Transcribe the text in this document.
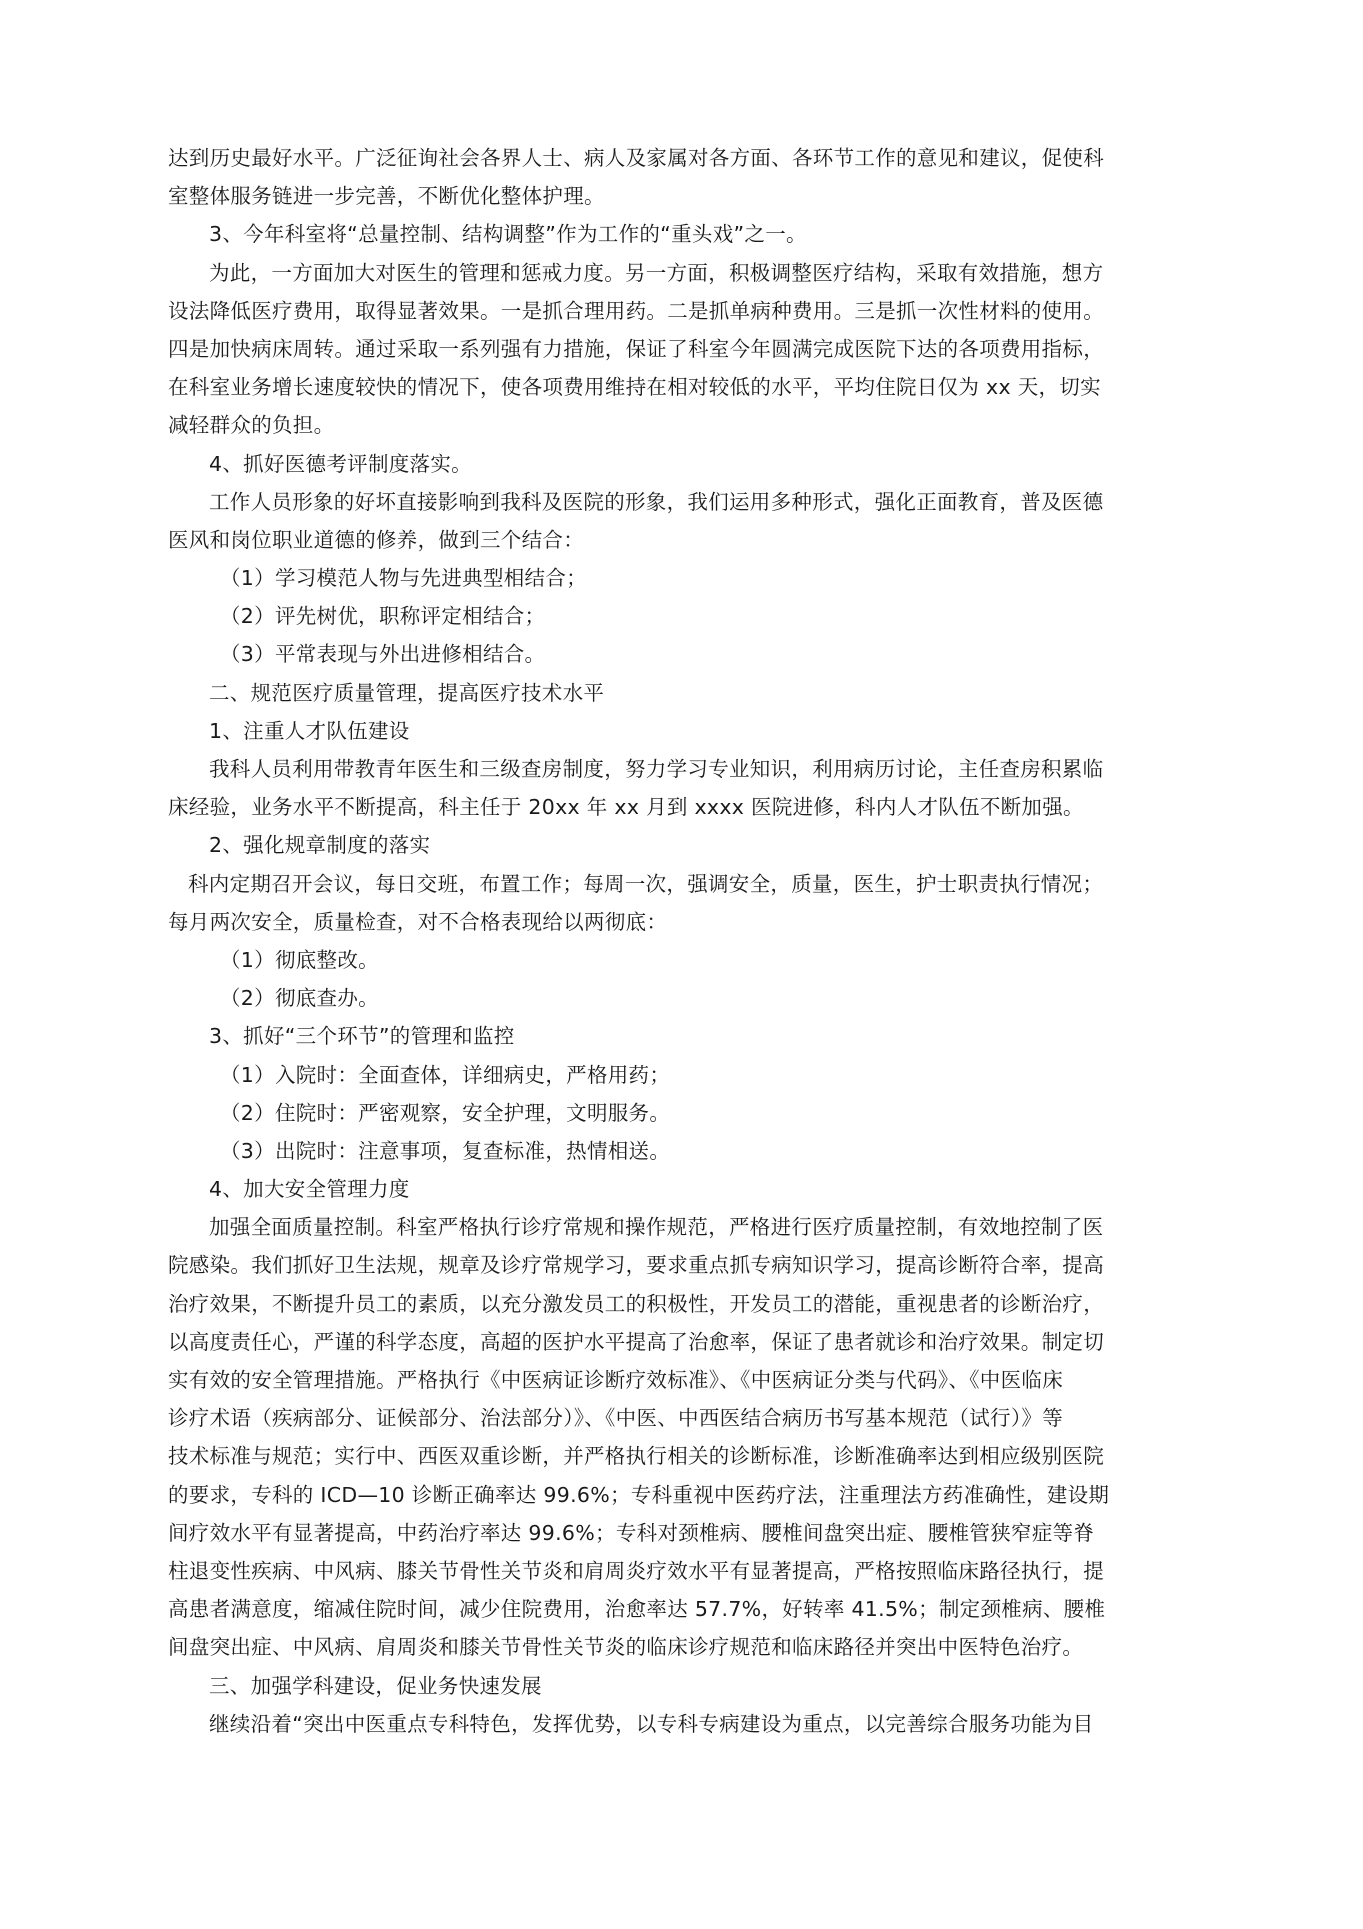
达到历史最好水平。广泛征询社会各界人士、病人及家属对各方面、各环节工作的意见和建议，促使科
室整体服务链进一步完善，不断优化整体护理。
3、今年科室将“总量控制、结构调整”作为工作的“重头戏”之一。
为此，一方面加大对医生的管理和惩戒力度。另一方面，积极调整医疗结构，采取有效措施，想方
设法降低医疗费用，取得显著效果。一是抓合理用药。二是抓单病种费用。三是抓一次性材料的使用。
四是加快病床周转。通过采取一系列强有力措施，保证了科室今年圆满完成医院下达的各项费用指标，
在科室业务增长速度较快的情况下，使各项费用维持在相对较低的水平，平均住院日仅为 xx 天，切实
减轻群众的负担。
4、抓好医德考评制度落实。
工作人员形象的好坏直接影响到我科及医院的形象，我们运用多种形式，强化正面教育，普及医德
医风和岗位职业道德的修养，做到三个结合：
（1）学习模范人物与先进典型相结合；
（2）评先树优，职称评定相结合；
（3）平常表现与外出进修相结合。
二、规范医疗质量管理，提高医疗技术水平
1、注重人才队伍建设
我科人员利用带教青年医生和三级查房制度，努力学习专业知识，利用病历讨论，主任查房积累临
床经验，业务水平不断提高，科主任于 20xx 年 xx 月到 xxxx 医院进修，科内人才队伍不断加强。
2、强化规章制度的落实
科内定期召开会议，每日交班，布置工作；每周一次，强调安全，质量，医生，护士职责执行情况；
每月两次安全，质量检查，对不合格表现给以两彻底：
（1）彻底整改。
（2）彻底查办。
3、抓好“三个环节”的管理和监控
（1）入院时：全面查体，详细病史，严格用药；
（2）住院时：严密观察，安全护理，文明服务。
（3）出院时：注意事项，复查标准，热情相送。
4、加大安全管理力度
加强全面质量控制。科室严格执行诊疗常规和操作规范，严格进行医疗质量控制，有效地控制了医
院感染。我们抓好卫生法规，规章及诊疗常规学习，要求重点抓专病知识学习，提高诊断符合率，提高
治疗效果，不断提升员工的素质，以充分激发员工的积极性，开发员工的潜能，重视患者的诊断治疗，
以高度责任心，严谨的科学态度，高超的医护水平提高了治愈率，保证了患者就诊和治疗效果。制定切
实有效的安全管理措施。严格执行《中医病证诊断疗效标准》、《中医病证分类与代码》、《中医临床
诊疗术语（疾病部分、证候部分、治法部分）》、《中医、中西医结合病历书写基本规范（试行）》等
技术标准与规范；实行中、西医双重诊断，并严格执行相关的诊断标准，诊断准确率达到相应级别医院
的要求，专科的 ICD—10 诊断正确率达 99.6%；专科重视中医药疗法，注重理法方药准确性，建设期
间疗效水平有显著提高，中药治疗率达 99.6%；专科对颈椎病、腰椎间盘突出症、腰椎管狭窄症等脊
柱退变性疾病、中风病、膝关节骨性关节炎和肩周炎疗效水平有显著提高，严格按照临床路径执行，提
高患者满意度，缩减住院时间，减少住院费用，治愈率达 57.7%，好转率 41.5%；制定颈椎病、腰椎
间盘突出症、中风病、肩周炎和膝关节骨性关节炎的临床诊疗规范和临床路径并突出中医特色治疗。
三、加强学科建设，促业务快速发展
继续沿着“突出中医重点专科特色，发挥优势，以专科专病建设为重点，以完善综合服务功能为目
